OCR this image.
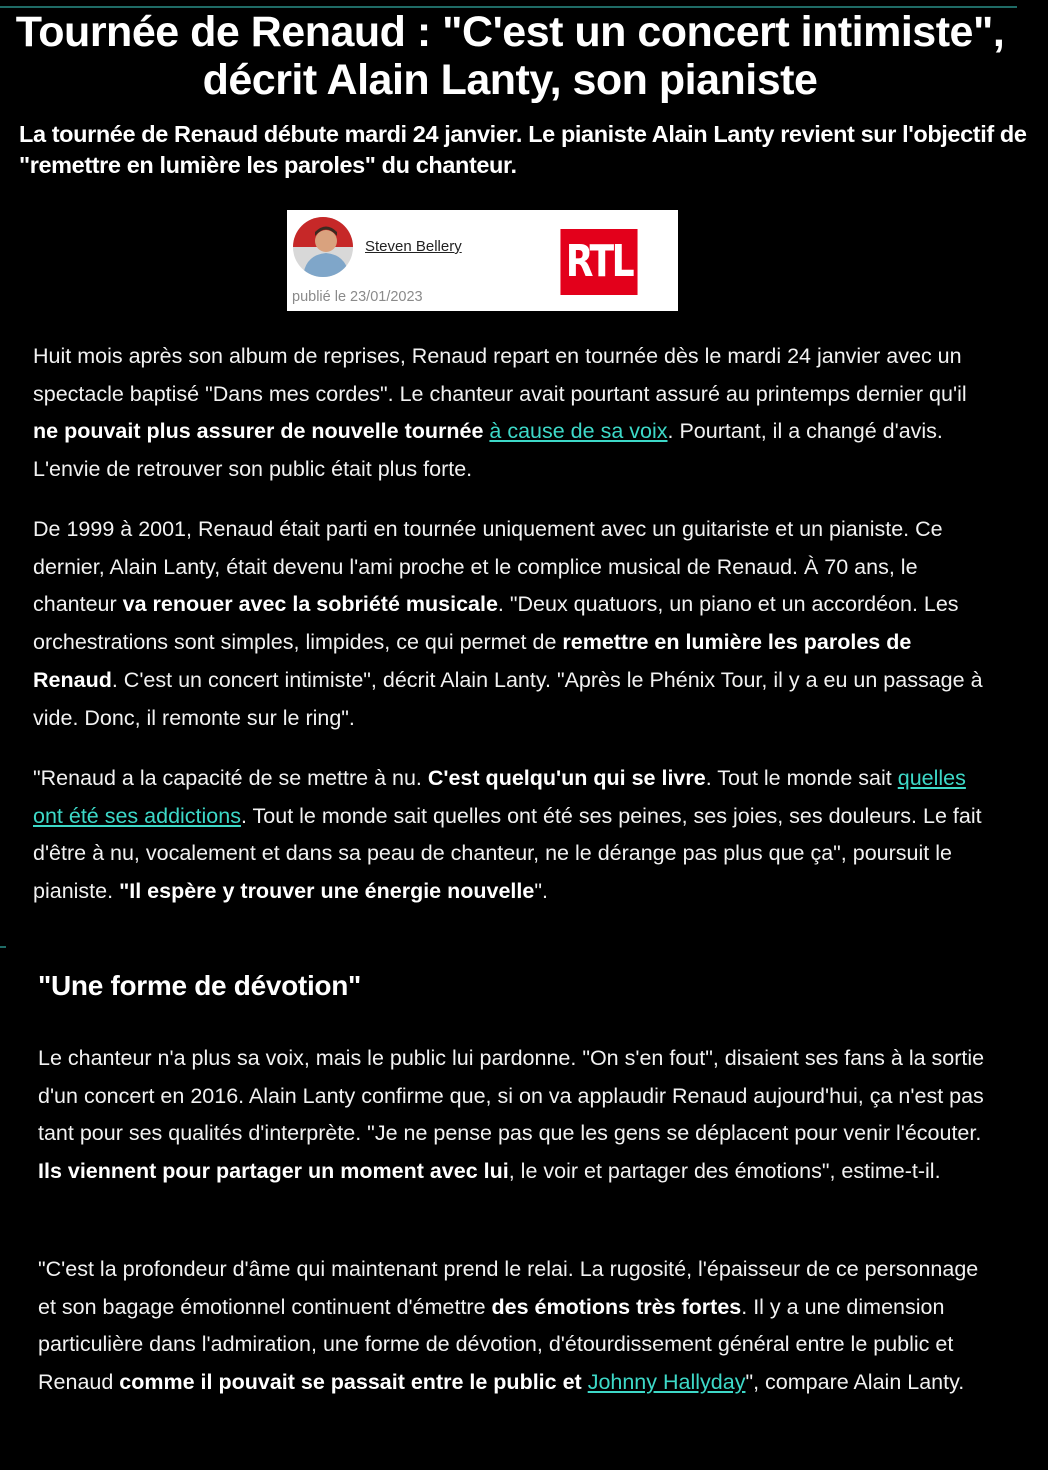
Tournée de Renaud : "C'est un concert intimiste", décrit Alain Lanty, son pianiste

La tournée de Renaud débute mardi 24 janvier. Le pianiste Alain Lanty revient sur l'objectif de "remettre en lumière les paroles" du chanteur.

Steven Bellery
publié le 23/01/2023
RTL

Huit mois après son album de reprises, Renaud repart en tournée dès le mardi 24 janvier avec un spectacle baptisé "Dans mes cordes". Le chanteur avait pourtant assuré au printemps dernier qu'il ne pouvait plus assurer de nouvelle tournée à cause de sa voix. Pourtant, il a changé d'avis. L'envie de retrouver son public était plus forte.

De 1999 à 2001, Renaud était parti en tournée uniquement avec un guitariste et un pianiste. Ce dernier, Alain Lanty, était devenu l'ami proche et le complice musical de Renaud. À 70 ans, le chanteur va renouer avec la sobriété musicale. "Deux quatuors, un piano et un accordéon. Les orchestrations sont simples, limpides, ce qui permet de remettre en lumière les paroles de Renaud. C'est un concert intimiste", décrit Alain Lanty. "Après le Phénix Tour, il y a eu un passage à vide. Donc, il remonte sur le ring".

"Renaud a la capacité de se mettre à nu. C'est quelqu'un qui se livre. Tout le monde sait quelles ont été ses addictions. Tout le monde sait quelles ont été ses peines, ses joies, ses douleurs. Le fait d'être à nu, vocalement et dans sa peau de chanteur, ne le dérange pas plus que ça", poursuit le pianiste. "Il espère y trouver une énergie nouvelle".

"Une forme de dévotion"

Le chanteur n'a plus sa voix, mais le public lui pardonne. "On s'en fout", disaient ses fans à la sortie d'un concert en 2016. Alain Lanty confirme que, si on va applaudir Renaud aujourd'hui, ça n'est pas tant pour ses qualités d'interprète. "Je ne pense pas que les gens se déplacent pour venir l'écouter. Ils viennent pour partager un moment avec lui, le voir et partager des émotions", estime-t-il.

"C'est la profondeur d'âme qui maintenant prend le relai. La rugosité, l'épaisseur de ce personnage et son bagage émotionnel continuent d'émettre des émotions très fortes. Il y a une dimension particulière dans l'admiration, une forme de dévotion, d'étourdissement général entre le public et Renaud comme il pouvait se passait entre le public et Johnny Hallyday", compare Alain Lanty.
